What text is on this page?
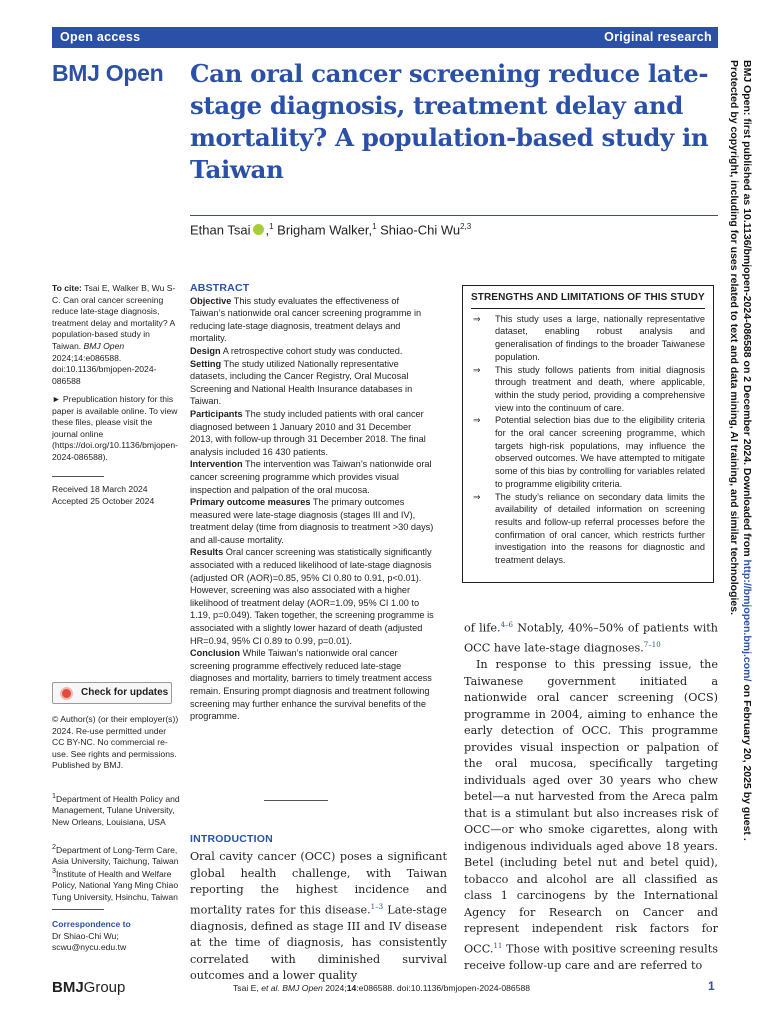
Open access	Original research
BMJ Open Can oral cancer screening reduce late-stage diagnosis, treatment delay and mortality? A population-based study in Taiwan
Ethan Tsai ,$^1$ Brigham Walker,$^1$ Shiao-Chi Wu$^{2,3}$	BMJ Open: first published as 10.1136/bmjopen-2024-086588 on 2 December 2024. Downloaded from http://bmjopen.bmj.com/ on February 20, 2025 by guest .
Protected by copyright, including for uses related to text and data mining, AI training, and similar technologies.
To cite: Tsai E, Walker B, Wu S-C. Can oral cancer screening reduce late-stage diagnosis, treatment delay and mortality? A population-based study in Taiwan. BMJ Open 2024;14:e086588. doi:10.1136/bmjopen-2024-086588
► Prepublication history for this paper is available online. To view these files, please visit the journal online (https://doi.org/10.1136/bmjopen-2024-086588).
Received 18 March 2024
Accepted 25 October 2024
Check for updates
© Author(s) (or their employer(s)) 2024. Re-use permitted under CC BY-NC. No commercial re-use. See rights and permissions. Published by BMJ.
$^1$Department of Health Policy and Management, Tulane University, New Orleans, Louisiana, USA
$^2$Department of Long-Term Care, Asia University, Taichung, Taiwan
$^3$Institute of Health and Welfare Policy, National Yang Ming Chiao Tung University, Hsinchu, Taiwan
Correspondence to
Dr Shiao-Chi Wu;
scwu@nycu.edu.tw
ABSTRACT

Objective This study evaluates the effectiveness of Taiwan’s nationwide oral cancer screening programme in reducing late-stage diagnosis, treatment delays and mortality.

Design A retrospective cohort study was conducted.

Setting The study utilized Nationally representative datasets, including the Cancer Registry, Oral Mucosal Screening and National Health Insurance databases in Taiwan.

Participants The study included patients with oral cancer diagnosed between 1 January 2010 and 31 December 2013, with follow-up through 31 December 2018. The final analysis included 16 430 patients.

Intervention The intervention was Taiwan’s nationwide oral cancer screening programme which provides visual inspection and palpation of the oral mucosa.

Primary outcome measures The primary outcomes measured were late-stage diagnosis (stages III and IV), treatment delay (time from diagnosis to treatment >30 days) and all-cause mortality.

Results Oral cancer screening was statistically significantly associated with a reduced likelihood of late-stage diagnosis (adjusted OR (AOR)=0.85, 95% CI 0.80 to 0.91, p<0.01). However, screening was also associated with a higher likelihood of treatment delay (AOR=1.09, 95% CI 1.00 to 1.19, p=0.049). Taken together, the screening programme is associated with a slightly lower hazard of death (adjusted HR=0.94, 95% CI 0.89 to 0.99, p=0.01).

Conclusion While Taiwan’s nationwide oral cancer screening programme effectively reduced late-stage diagnoses and mortality, barriers to timely treatment access remain. Ensuring prompt diagnosis and treatment following screening may further enhance the survival benefits of the programme.

INTRODUCTION
Oral cavity cancer (OCC) poses a significant global health challenge, with Taiwan reporting the highest incidence and mortality rates for this disease.$^{1-3}$ Late-stage diagnosis, defined as stage III and IV disease at the time of diagnosis, has consistently correlated with diminished survival outcomes and a lower quality
STRENGTHS AND LIMITATIONS OF THIS STUDY
⇒ This study uses a large, nationally representative dataset, enabling robust analysis and generalisation of findings to the broader Taiwanese population.
⇒ This study follows patients from initial diagnosis through treatment and death, where applicable, within the study period, providing a comprehensive view into the continuum of care.
⇒ Potential selection bias due to the eligibility criteria for the oral cancer screening programme, which targets high-risk populations, may influence the observed outcomes. We have attempted to mitigate some of this bias by controlling for variables related to programme eligibility criteria.
⇒ The study’s reliance on secondary data limits the availability of detailed information on screening results and follow-up referral processes before the confirmation of oral cancer, which restricts further investigation into the reasons for diagnostic and treatment delays.

of life.$^{4-6}$ Notably, 40%–50% of patients with OCC have late-stage diagnoses.$^{7-10}$

In response to this pressing issue, the Taiwanese government initiated a nationwide oral cancer screening (OCS) programme in 2004, aiming to enhance the early detection of OCC. This programme provides visual inspection or palpation of the oral mucosa, specifically targeting individuals aged over 30 years who chew betel—a nut harvested from the Areca palm that is a stimulant but also increases risk of OCC—or who smoke cigarettes, along with indigenous individuals aged above 18 years. Betel (including betel nut and betel quid), tobacco and alcohol are all classified as class 1 carcinogens by the International Agency for Research on Cancer and represent independent risk factors for OCC.$^{11}$ Those with positive screening results receive follow-up care and are referred to

BMJGroup	Tsai E, et al. BMJ Open 2024;14:e086588. doi:10.1136/bmjopen-2024-086588	1
